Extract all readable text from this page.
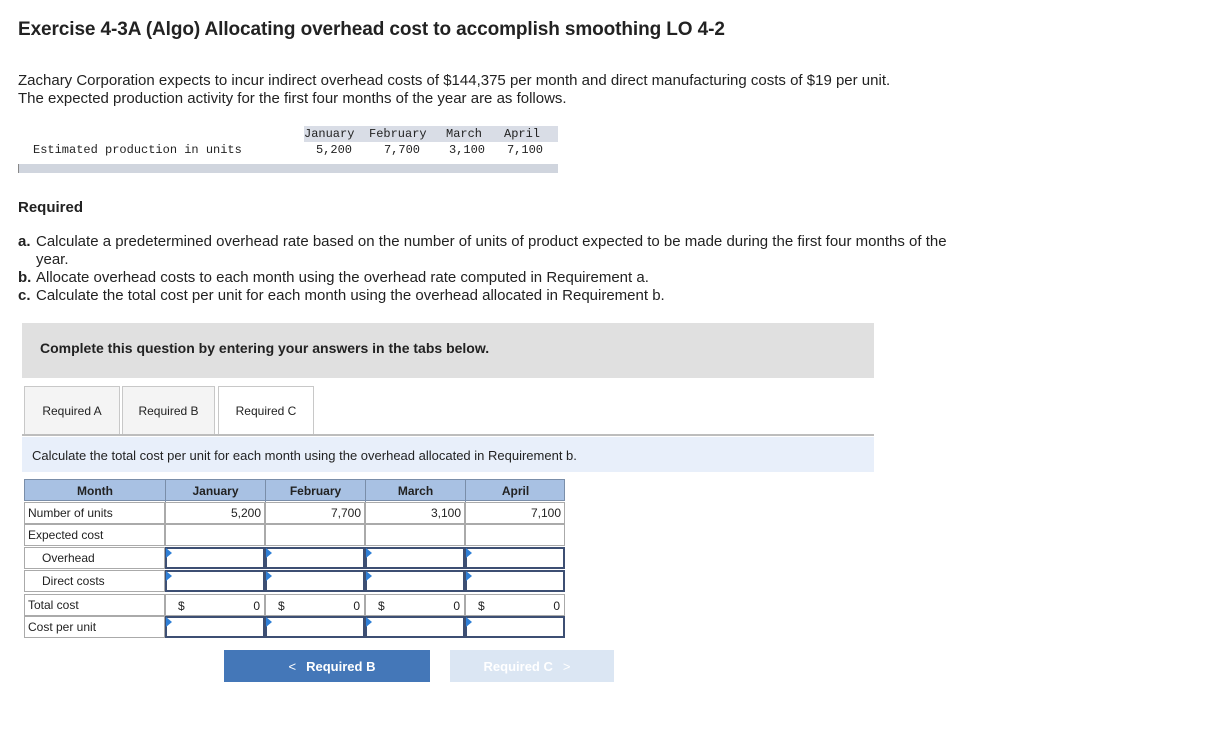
Exercise 4-3A (Algo) Allocating overhead cost to accomplish smoothing LO 4-2
Zachary Corporation expects to incur indirect overhead costs of $144,375 per month and direct manufacturing costs of $19 per unit.
The expected production activity for the first four months of the year are as follows.
January February March April
Estimated production in units	5,200	7,700	3,100	7,100
Required
a. Calculate a predetermined overhead rate based on the number of units of product expected to be made during the first four months of the year.
b. Allocate overhead costs to each month using the overhead rate computed in Requirement a.
c. Calculate the total cost per unit for each month using the overhead allocated in Requirement b.
Complete this question by entering your answers in the tabs below.
Required A	Required B	Required C
Calculate the total cost per unit for each month using the overhead allocated in Requirement b.
Month	January	February	March	April
Number of units	5,200	7,700	3,100	7,100
Expected cost
Overhead
Direct costs
Total cost	$	0 $	0 $	0 $	0
Cost per unit
< Required B	Required C >
